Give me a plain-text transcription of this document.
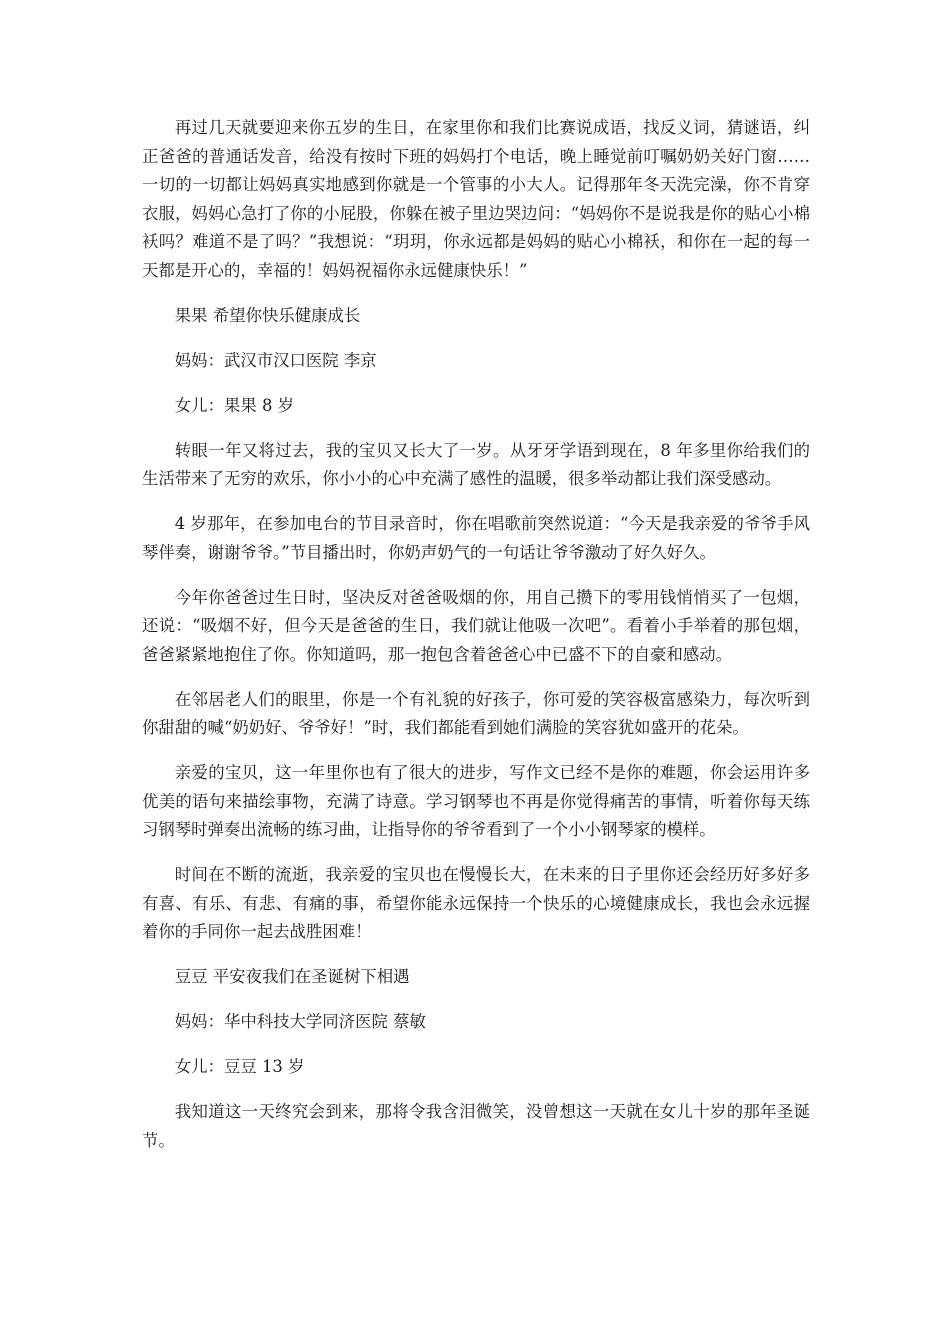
再过几天就要迎来你五岁的生日，在家里你和我们比赛说成语，找反义词，猜谜语，纠正爸爸的普通话发音，给没有按时下班的妈妈打个电话，晚上睡觉前叮嘱奶奶关好门窗……一切的一切都让妈妈真实地感到你就是一个管事的小大人。记得那年冬天洗完澡，你不肯穿衣服，妈妈心急打了你的小屁股，你躲在被子里边哭边问：“妈妈你不是说我是你的贴心小棉袄吗？难道不是了吗？”我想说：“玥玥，你永远都是妈妈的贴心小棉袄，和你在一起的每一天都是开心的，幸福的！妈妈祝福你永远健康快乐！”

果果 希望你快乐健康成长

妈妈：武汉市汉口医院 李京

女儿：果果 8 岁

转眼一年又将过去，我的宝贝又长大了一岁。从牙牙学语到现在，8 年多里你给我们的生活带来了无穷的欢乐，你小小的心中充满了感性的温暖，很多举动都让我们深受感动。

4 岁那年，在参加电台的节目录音时，你在唱歌前突然说道：“今天是我亲爱的爷爷手风琴伴奏，谢谢爷爷。”节目播出时，你奶声奶气的一句话让爷爷激动了好久好久。

今年你爸爸过生日时，坚决反对爸爸吸烟的你，用自己攒下的零用钱悄悄买了一包烟，还说：“吸烟不好，但今天是爸爸的生日，我们就让他吸一次吧”。看着小手举着的那包烟，爸爸紧紧地抱住了你。你知道吗，那一抱包含着爸爸心中已盛不下的自豪和感动。

在邻居老人们的眼里，你是一个有礼貌的好孩子，你可爱的笑容极富感染力，每次听到你甜甜的喊“奶奶好、爷爷好！”时，我们都能看到她们满脸的笑容犹如盛开的花朵。

亲爱的宝贝，这一年里你也有了很大的进步，写作文已经不是你的难题，你会运用许多优美的语句来描绘事物，充满了诗意。学习钢琴也不再是你觉得痛苦的事情，听着你每天练习钢琴时弹奏出流畅的练习曲，让指导你的爷爷看到了一个小小钢琴家的模样。

时间在不断的流逝，我亲爱的宝贝也在慢慢长大，在未来的日子里你还会经历好多好多有喜、有乐、有悲、有痛的事，希望你能永远保持一个快乐的心境健康成长，我也会永远握着你的手同你一起去战胜困难！

豆豆 平安夜我们在圣诞树下相遇

妈妈：华中科技大学同济医院 蔡敏

女儿：豆豆 13 岁

我知道这一天终究会到来，那将令我含泪微笑，没曾想这一天就在女儿十岁的那年圣诞节。
